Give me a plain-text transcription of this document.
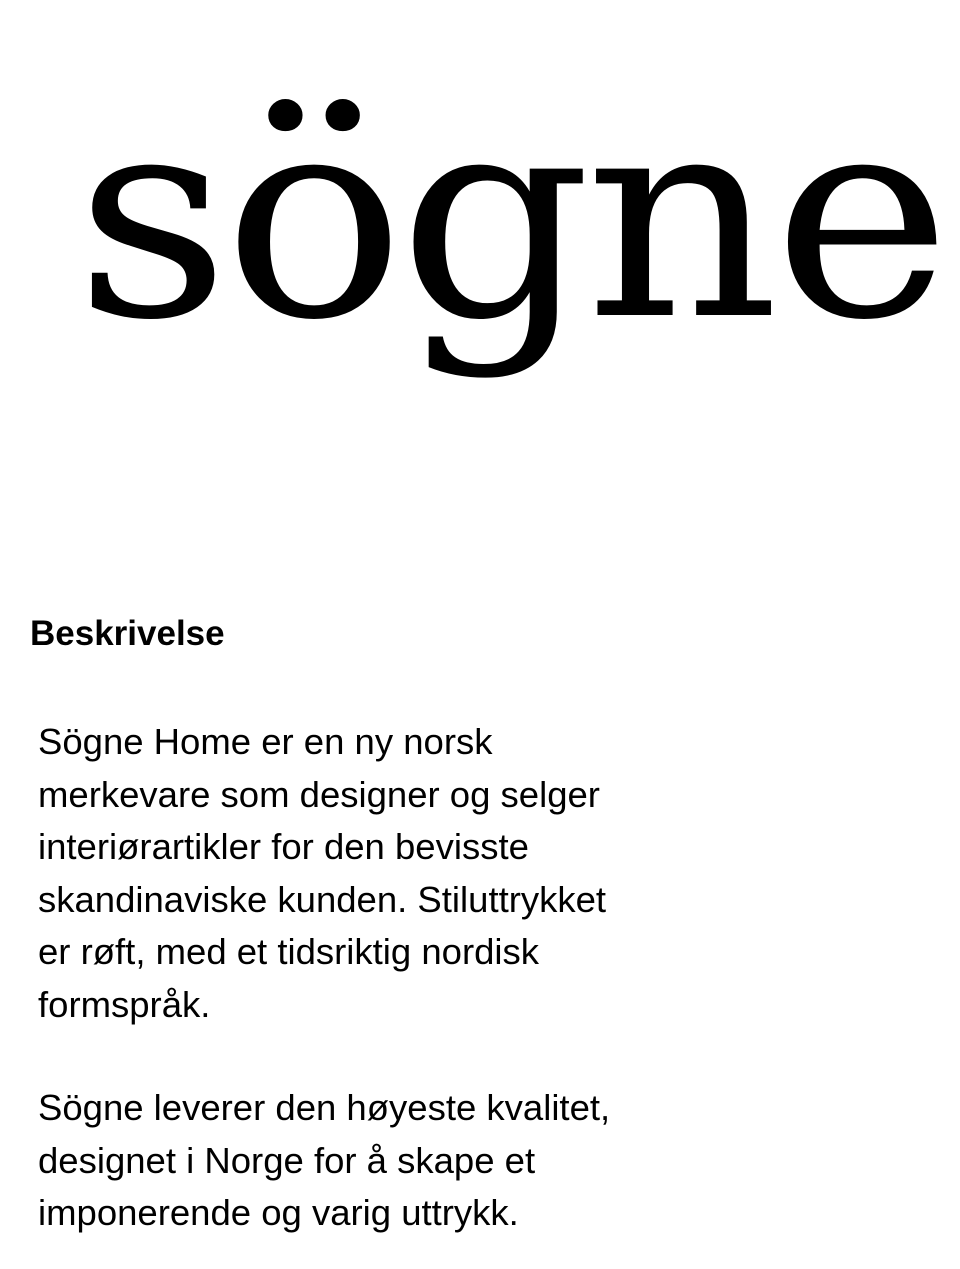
sögne
Beskrivelse

Sögne Home er en ny norsk
merkevare som designer og selger
interiørartikler for den bevisste
skandinaviske kunden. Stiluttrykket
er røft, med et tidsriktig nordisk
formspråk.

Sögne leverer den høyeste kvalitet,
designet i Norge for å skape et
imponerende og varig uttrykk.
